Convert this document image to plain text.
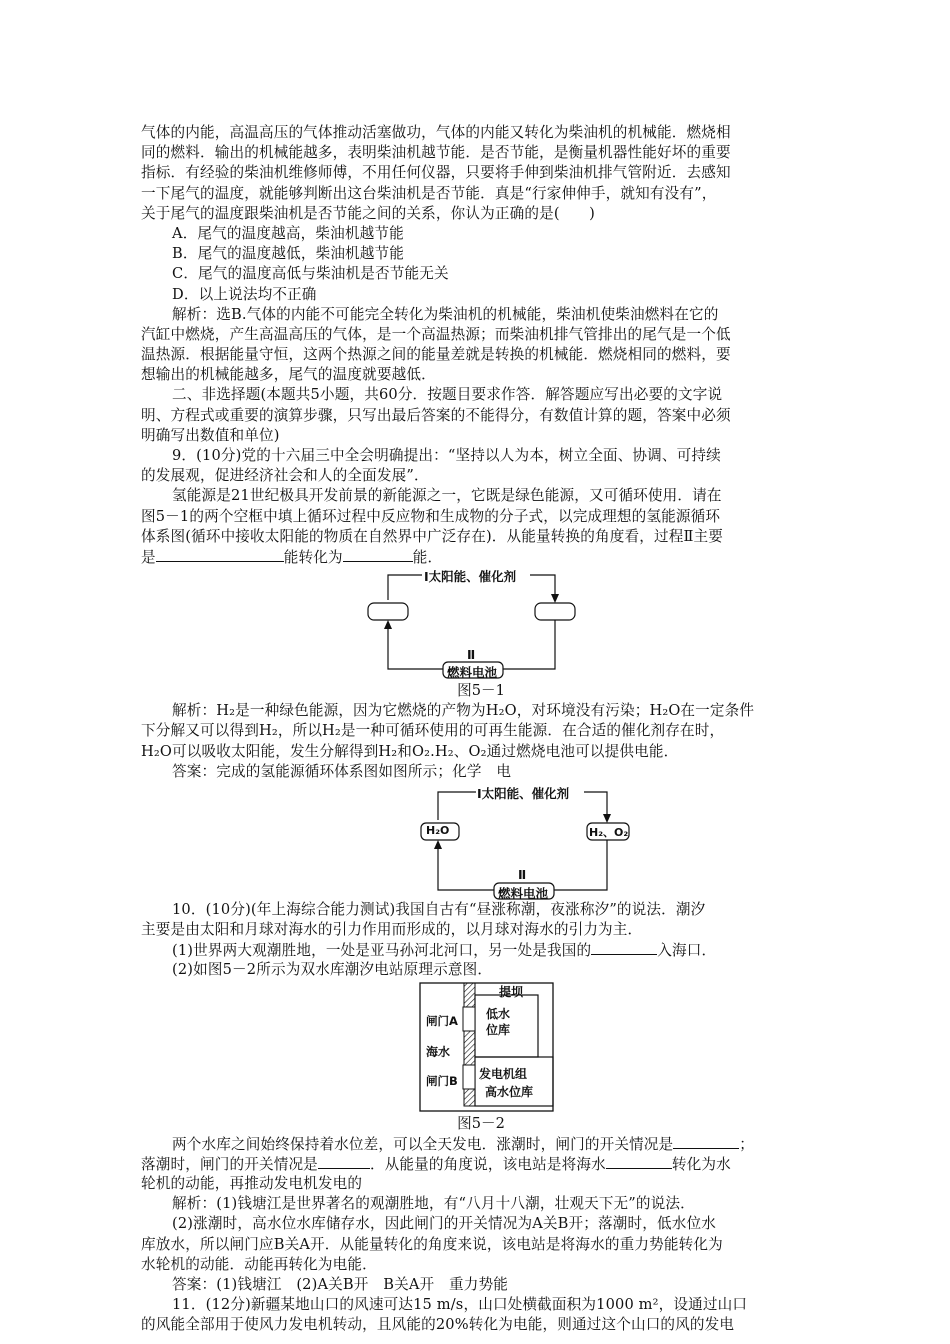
气体的内能，高温高压的气体推动活塞做功，气体的内能又转化为柴油机的机械能．燃烧相
同的燃料．输出的机械能越多，表明柴油机越节能．是否节能，是衡量机器性能好坏的重要
指标．有经验的柴油机维修师傅，不用任何仪器，只要将手伸到柴油机排气管附近．去感知
一下尾气的温度，就能够判断出这台柴油机是否节能．真是“行家伸伸手，就知有没有”，
关于尾气的温度跟柴油机是否节能之间的关系，你认为正确的是(　　)
A．尾气的温度越高，柴油机越节能
B．尾气的温度越低，柴油机越节能
C．尾气的温度高低与柴油机是否节能无关
D．以上说法均不正确
解析：选B.气体的内能不可能完全转化为柴油机的机械能，柴油机使柴油燃料在它的
汽缸中燃烧，产生高温高压的气体，是一个高温热源；而柴油机排气管排出的尾气是一个低
温热源．根据能量守恒，这两个热源之间的能量差就是转换的机械能．燃烧相同的燃料，要
想输出的机械能越多，尾气的温度就要越低．
二、非选择题(本题共5小题，共60分．按题目要求作答．解答题应写出必要的文字说
明、方程式或重要的演算步骤，只写出最后答案的不能得分，有数值计算的题，答案中必须
明确写出数值和单位)
9．(10分)党的十六届三中全会明确提出：“坚持以人为本，树立全面、协调、可持续
的发展观，促进经济社会和人的全面发展”．
氢能源是21世纪极具开发前景的新能源之一，它既是绿色能源，又可循环使用．请在
图5－1的两个空框中填上循环过程中反应物和生成物的分子式，以完成理想的氢能源循环
体系图(循环中接收太阳能的物质在自然界中广泛存在)．从能量转换的角度看，过程Ⅱ主要
是	能转化为	能．
Ⅰ太阳能、催化剂
Ⅱ
燃料电池
图5－1
解析：H₂是一种绿色能源，因为它燃烧的产物为H₂O，对环境没有污染；H₂O在一定条件
下分解又可以得到H₂，所以H₂是一种可循环使用的可再生能源．在合适的催化剂存在时，
H₂O可以吸收太阳能，发生分解得到H₂和O₂.H₂、O₂通过燃烧电池可以提供电能．
答案：完成的氢能源循环体系图如图所示；化学　电
Ⅰ太阳能、催化剂
H₂O	H₂、O₂
Ⅱ
燃料电池
10．(10分)(年上海综合能力测试)我国自古有“昼涨称潮，夜涨称汐”的说法．潮汐
主要是由太阳和月球对海水的引力作用而形成的，以月球对海水的引力为主．
(1)世界两大观潮胜地，一处是亚马孙河北河口，另一处是我国的	入海口．
(2)如图5－2所示为双水库潮汐电站原理示意图．
提坝
低水
位库
闸门A
海水
闸门B 发电机组
高水位库
图5－2
两个水库之间始终保持着水位差，可以全天发电．涨潮时，闸门的开关情况是	；
落潮时，闸门的开关情况是	．从能量的角度说，该电站是将海水	转化为水
轮机的动能，再推动发电机发电的
解析：(1)钱塘江是世界著名的观潮胜地，有“八月十八潮，壮观天下无”的说法．
(2)涨潮时，高水位水库储存水，因此闸门的开关情况为A关B开；落潮时，低水位水
库放水，所以闸门应B关A开．从能量转化的角度来说，该电站是将海水的重力势能转化为
水轮机的动能．动能再转化为电能．
答案：(1)钱塘江　(2)A关B开　B关A开　重力势能
11．(12分)新疆某地山口的风速可达15 m/s，山口处横截面积为1000 m²，设通过山口
的风能全部用于使风力发电机转动，且风能的20%转化为电能，则通过这个山口的风的发电
